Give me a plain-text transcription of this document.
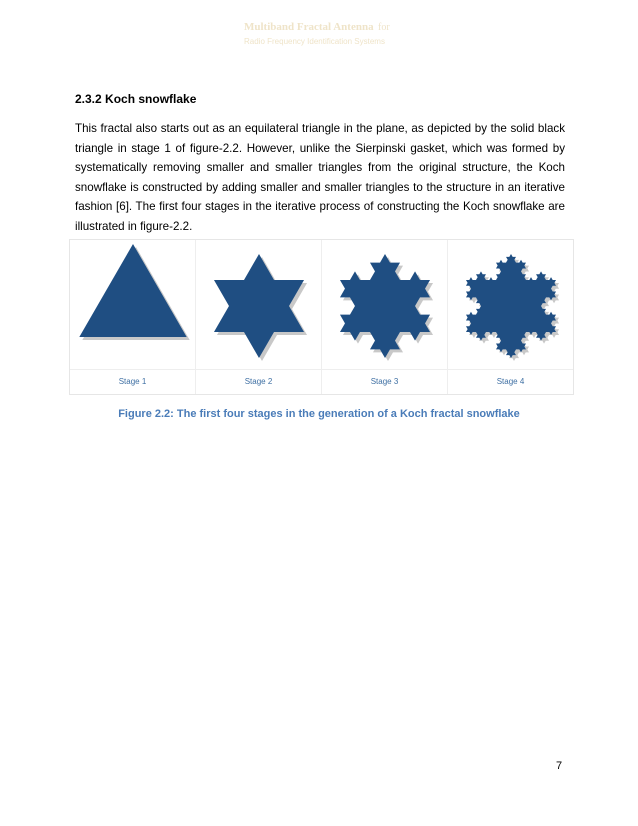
Multiband Fractal Antenna for
Radio Frequency Identification Systems
2.3.2 Koch snowflake

This fractal also starts out as an equilateral triangle in the plane, as depicted by the solid black triangle in stage 1 of figure-2.2. However, unlike the Sierpinski gasket, which was formed by systematically removing smaller and smaller triangles from the original structure, the Koch snowflake is constructed by adding smaller and smaller triangles to the structure in an iterative fashion [6]. The first four stages in the iterative process of constructing the Koch snowflake are illustrated in figure-2.2.

Stage 1	Stage 2	Stage 3	Stage 4
Figure 2.2: The first four stages in the generation of a Koch fractal snowflake
7
